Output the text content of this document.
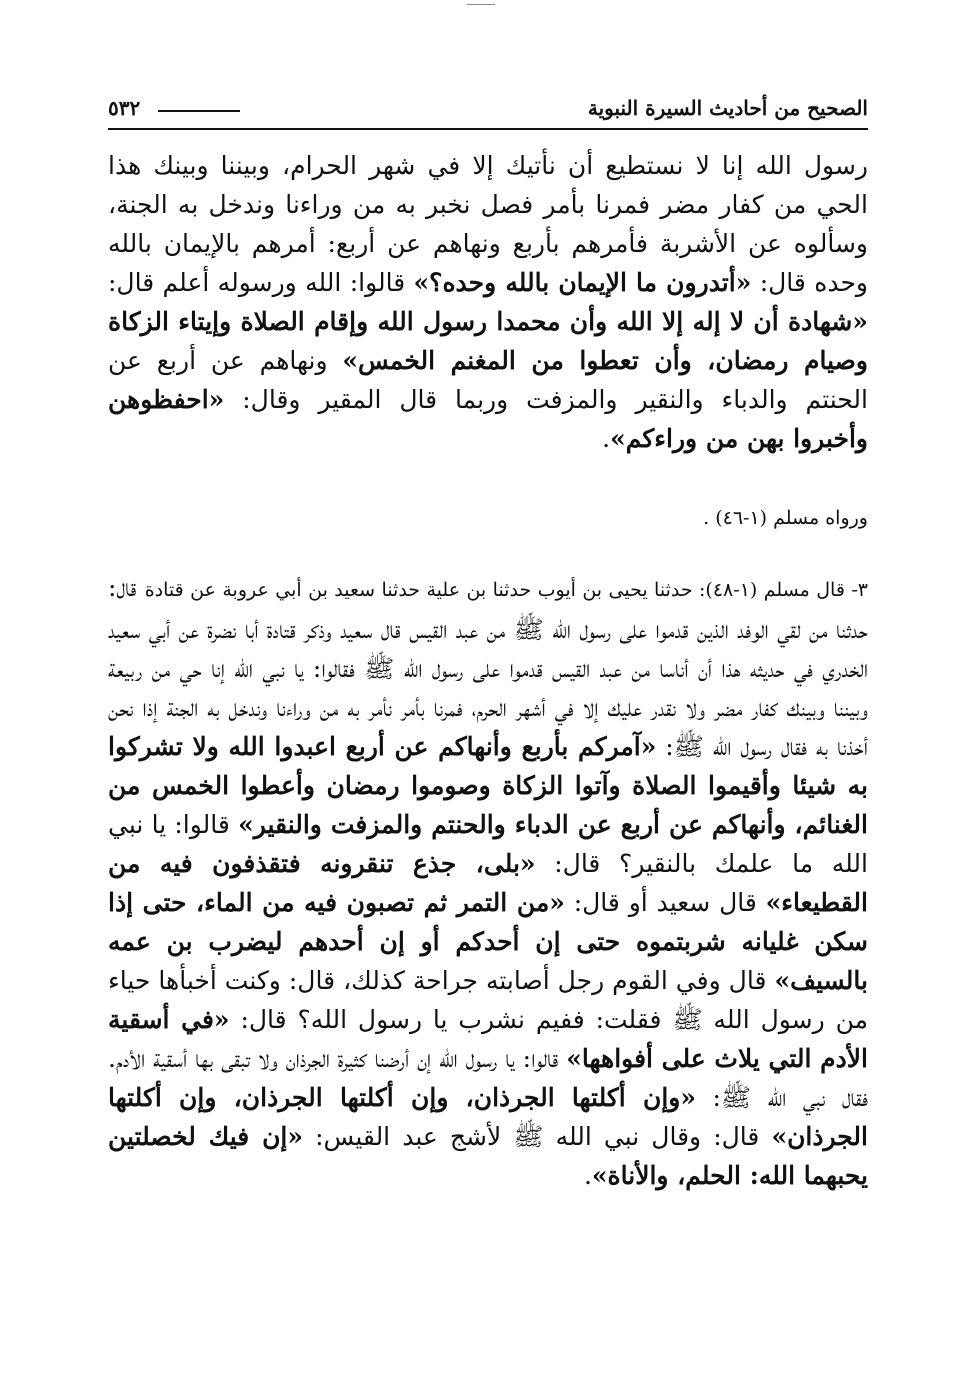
الصحيح من أحاديث السيرة النبوية
٥٣٢

رسول الله إنا لا نستطيع أن نأتيك إلا في شهر الحرام، وبيننا وبينك هذا الحي من كفار مضر فمرنا بأمر فصل نخبر به من وراءنا وندخل به الجنة، وسألوه عن الأشربة فأمرهم بأربع ونهاهم عن أربع: أمرهم بالإيمان بالله وحده قال: «أتدرون ما الإيمان بالله وحده؟» قالوا: الله ورسوله أعلم قال: «شهادة أن لا إله إلا الله وأن محمدا رسول الله وإقام الصلاة وإيتاء الزكاة وصيام رمضان، وأن تعطوا من المغنم الخمس» ونهاهم عن أربع عن الحنتم والدباء والنقير والمزفت وربما قال المقير وقال: «احفظوهن وأخبروا بهن من وراءكم».

ورواه مسلم (١-٤٦) .

٣- قال مسلم (١-٤٨): حدثنا يحيى بن أيوب حدثنا بن علية حدثنا سعيد بن أبي عروبة عن قتادة قال: حدثنا من لقي الوفد الذين قدموا على رسول الله ﷺ من عبد القيس قال سعيد وذكر قتادة أبا نضرة عن أبي سعيد الخدري في حديثه هذا أن أناسا من عبد القيس قدموا على رسول الله ﷺ فقالوا: يا نبي الله إنا حي من ربيعة وبيننا وبينك كفار مضر ولا نقدر عليك إلا في أشهر الحرم، فمرنا بأمر نأمر به من وراءنا وندخل به الجنة إذا نحن أخذنا به فقال رسول الله ﷺ: «آمركم بأربع وأنهاكم عن أربع اعبدوا الله ولا تشركوا به شيئا وأقيموا الصلاة وآتوا الزكاة وصوموا رمضان وأعطوا الخمس من الغنائم، وأنهاكم عن أربع عن الدباء والحنتم والمزفت والنقير» قالوا: يا نبي الله ما علمك بالنقير؟ قال: «بلى، جذع تنقرونه فتقذفون فيه من القطيعاء» قال سعيد أو قال: «من التمر ثم تصبون فيه من الماء، حتى إذا سكن غليانه شربتموه حتى إن أحدكم أو إن أحدهم ليضرب بن عمه بالسيف» قال وفي القوم رجل أصابته جراحة كذلك، قال: وكنت أخبأها حياء من رسول الله ﷺ فقلت: ففيم نشرب يا رسول الله؟ قال: «في أسقية الأدم التي يلاث على أفواهها» قالوا: يا رسول الله إن أرضنا كثيرة الجرذان ولا تبقى بها أسقية الأدم. فقال نبي الله ﷺ: «وإن أكلتها الجرذان، وإن أكلتها الجرذان، وإن أكلتها الجرذان» قال: وقال نبي الله ﷺ لأشج عبد القيس: «إن فيك لخصلتين يحبهما الله: الحلم، والأناة».
